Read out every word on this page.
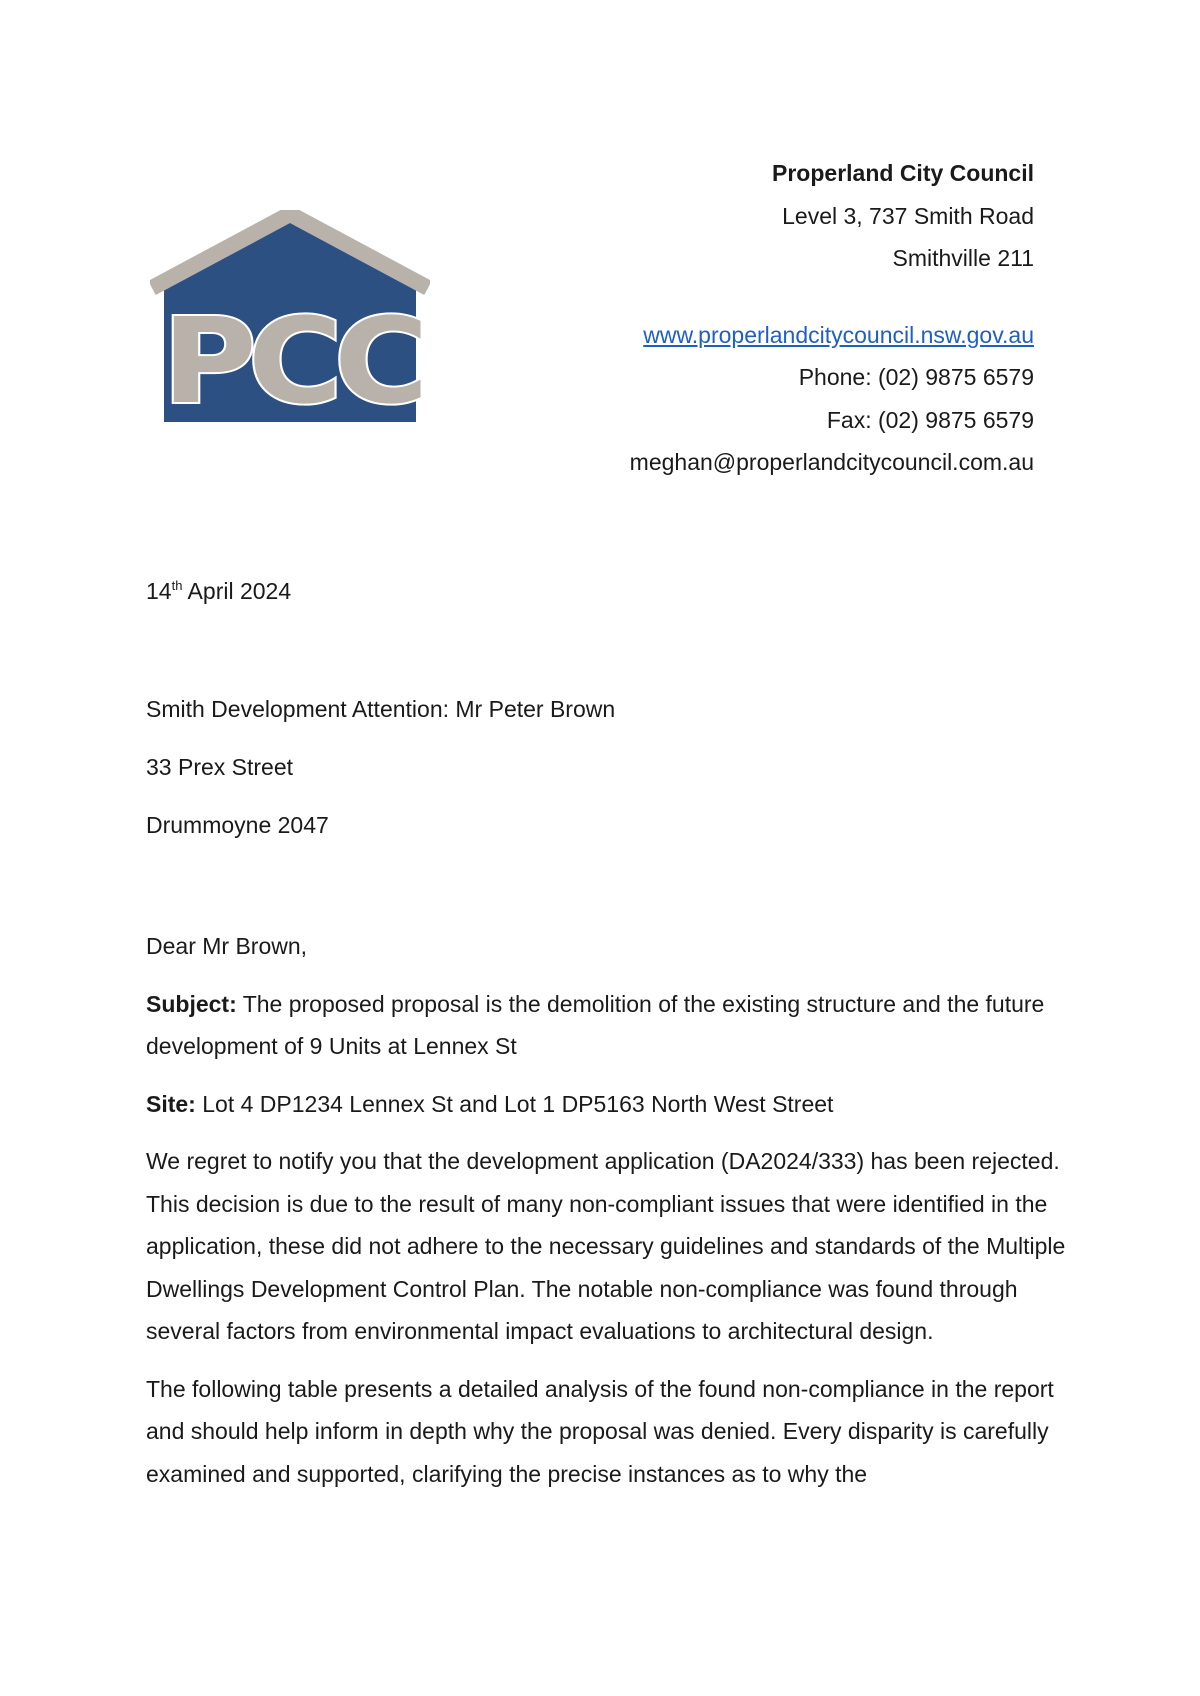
PCC
Properland City Council
Level 3, 737 Smith Road
Smithville 211
www.properlandcitycouncil.nsw.gov.au
Phone: (02) 9875 6579
Fax: (02) 9875 6579
meghan@properlandcitycouncil.com.au
14th April 2024
Smith Development Attention: Mr Peter Brown
33 Prex Street
Drummoyne 2047

Dear Mr Brown,

Subject: The proposed proposal is the demolition of the existing structure and the future development of 9 Units at Lennex St

Site: Lot 4 DP1234 Lennex St and Lot 1 DP5163 North West Street

We regret to notify you that the development application (DA2024/333) has been rejected. This decision is due to the result of many non-compliant issues that were identified in the application, these did not adhere to the necessary guidelines and standards of the Multiple Dwellings Development Control Plan. The notable non-compliance was found through several factors from environmental impact evaluations to architectural design.

The following table presents a detailed analysis of the found non-compliance in the report and should help inform in depth why the proposal was denied. Every disparity is carefully examined and supported, clarifying the precise instances as to why the
